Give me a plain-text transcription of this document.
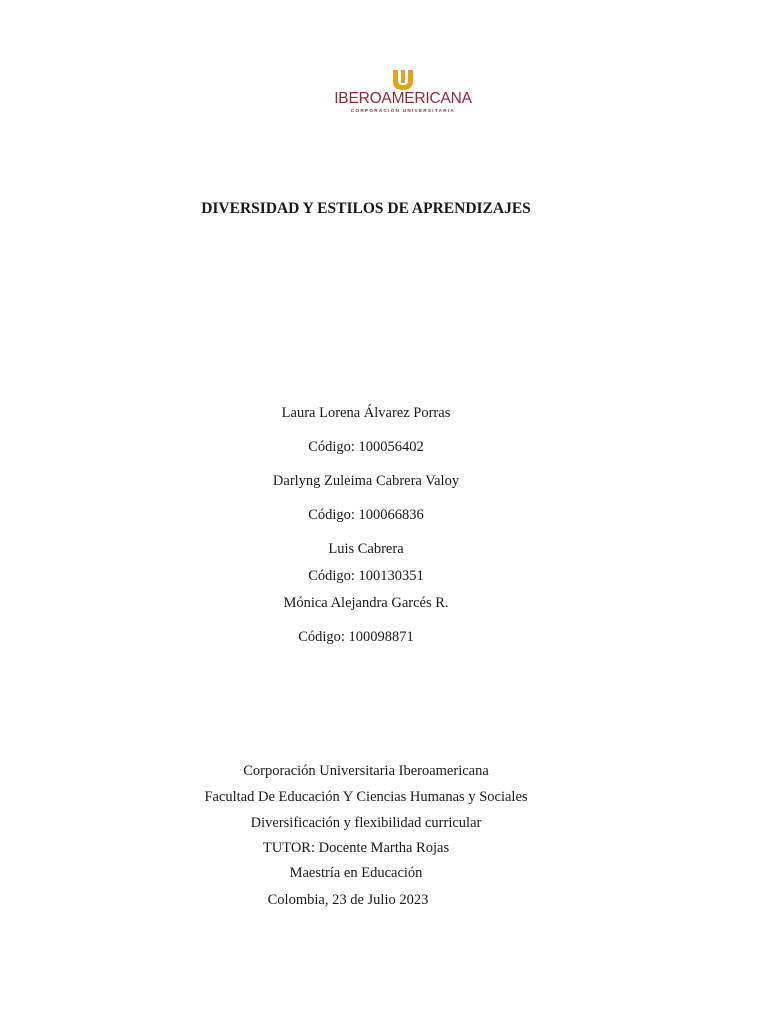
IBEROAMERICANA
CORPORACIÓN UNIVERSITARIA
DIVERSIDAD Y ESTILOS DE APRENDIZAJES
Laura Lorena Álvarez Porras
Código: 100056402
Darlyng Zuleima Cabrera Valoy
Código: 100066836
Luis Cabrera
Código: 100130351
Mónica Alejandra Garcés R.
Código: 100098871
Corporación Universitaria Iberoamericana
Facultad De Educación Y Ciencias Humanas y Sociales
Diversificación y flexibilidad curricular
TUTOR: Docente Martha Rojas
Maestría en Educación
Colombia, 23 de Julio 2023
